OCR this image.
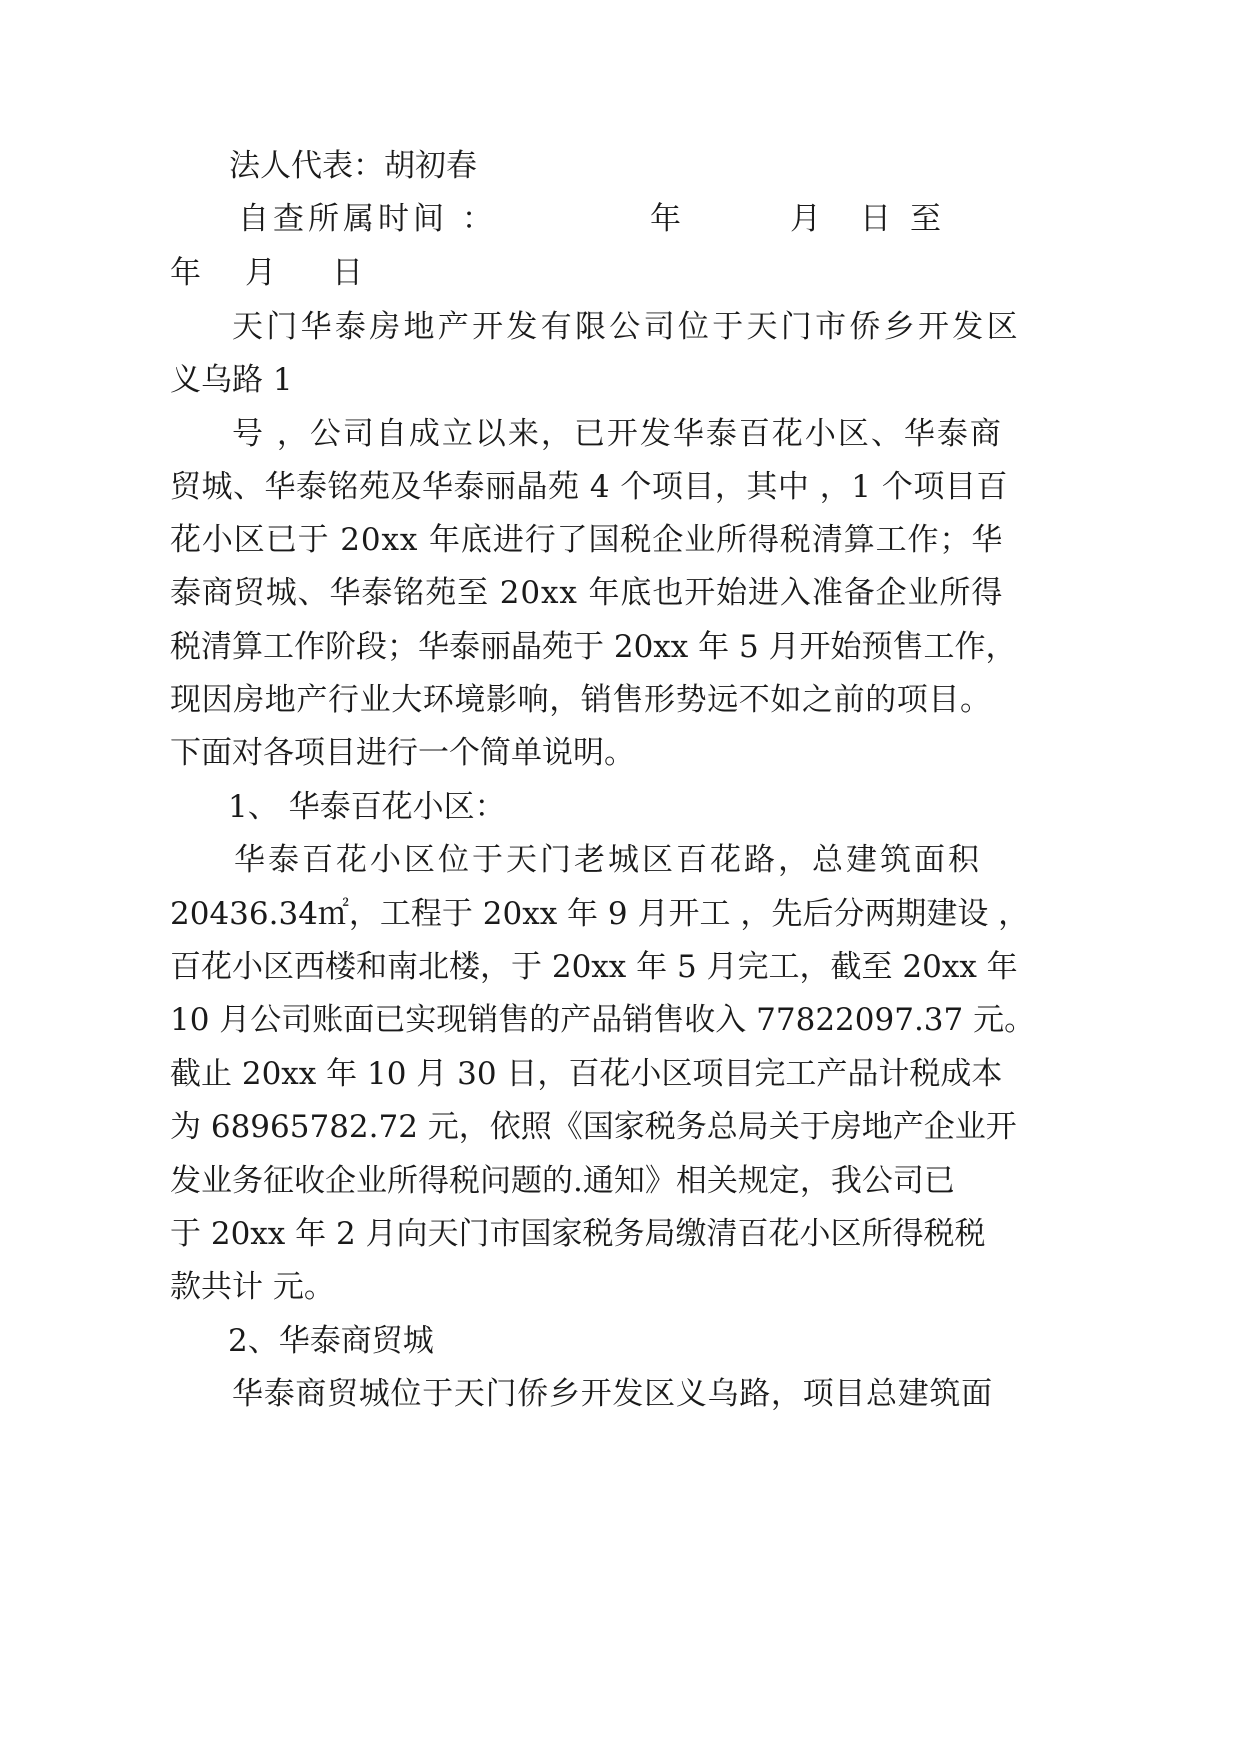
法人代表：胡初春

自查所属时间 ：

	年

	月

日

至

年

月

日

天门华泰房地产开发有限公司位于天门市侨乡开发区

义乌路 1

号 ，公司自成立以来，已开发华泰百花小区、华泰商

贸城、华泰铭苑及华泰丽晶苑 4 个项目，其中 ，1 个项目百

花小区已于 20xx 年底进行了国税企业所得税清算工作；华

泰商贸城、华泰铭苑至 20xx 年底也开始进入准备企业所得

税清算工作阶段；华泰丽晶苑于 20xx 年 5 月开始预售工作，

现因房地产行业大环境影响，销售形势远不如之前的项目。

下面对各项目进行一个简单说明。

1、 华泰百花小区：

华泰百花小区位于天门老城区百花路，总建筑面积

20436.34㎡，工程于 20xx 年 9 月开工 ，先后分两期建设 ，

百花小区西楼和南北楼，于 20xx 年 5 月完工，截至 20xx 年

10 月公司账面已实现销售的产品销售收入 77822097.37 元。

截止 20xx 年 10 月 30 日，百花小区项目完工产品计税成本

为 68965782.72 元，依照《国家税务总局关于房地产企业开

发业务征收企业所得税问题的.通知》相关规定，我公司已

于 20xx 年 2 月向天门市国家税务局缴清百花小区所得税税

款共计 元。

2、华泰商贸城

华泰商贸城位于天门侨乡开发区义乌路，项目总建筑面
